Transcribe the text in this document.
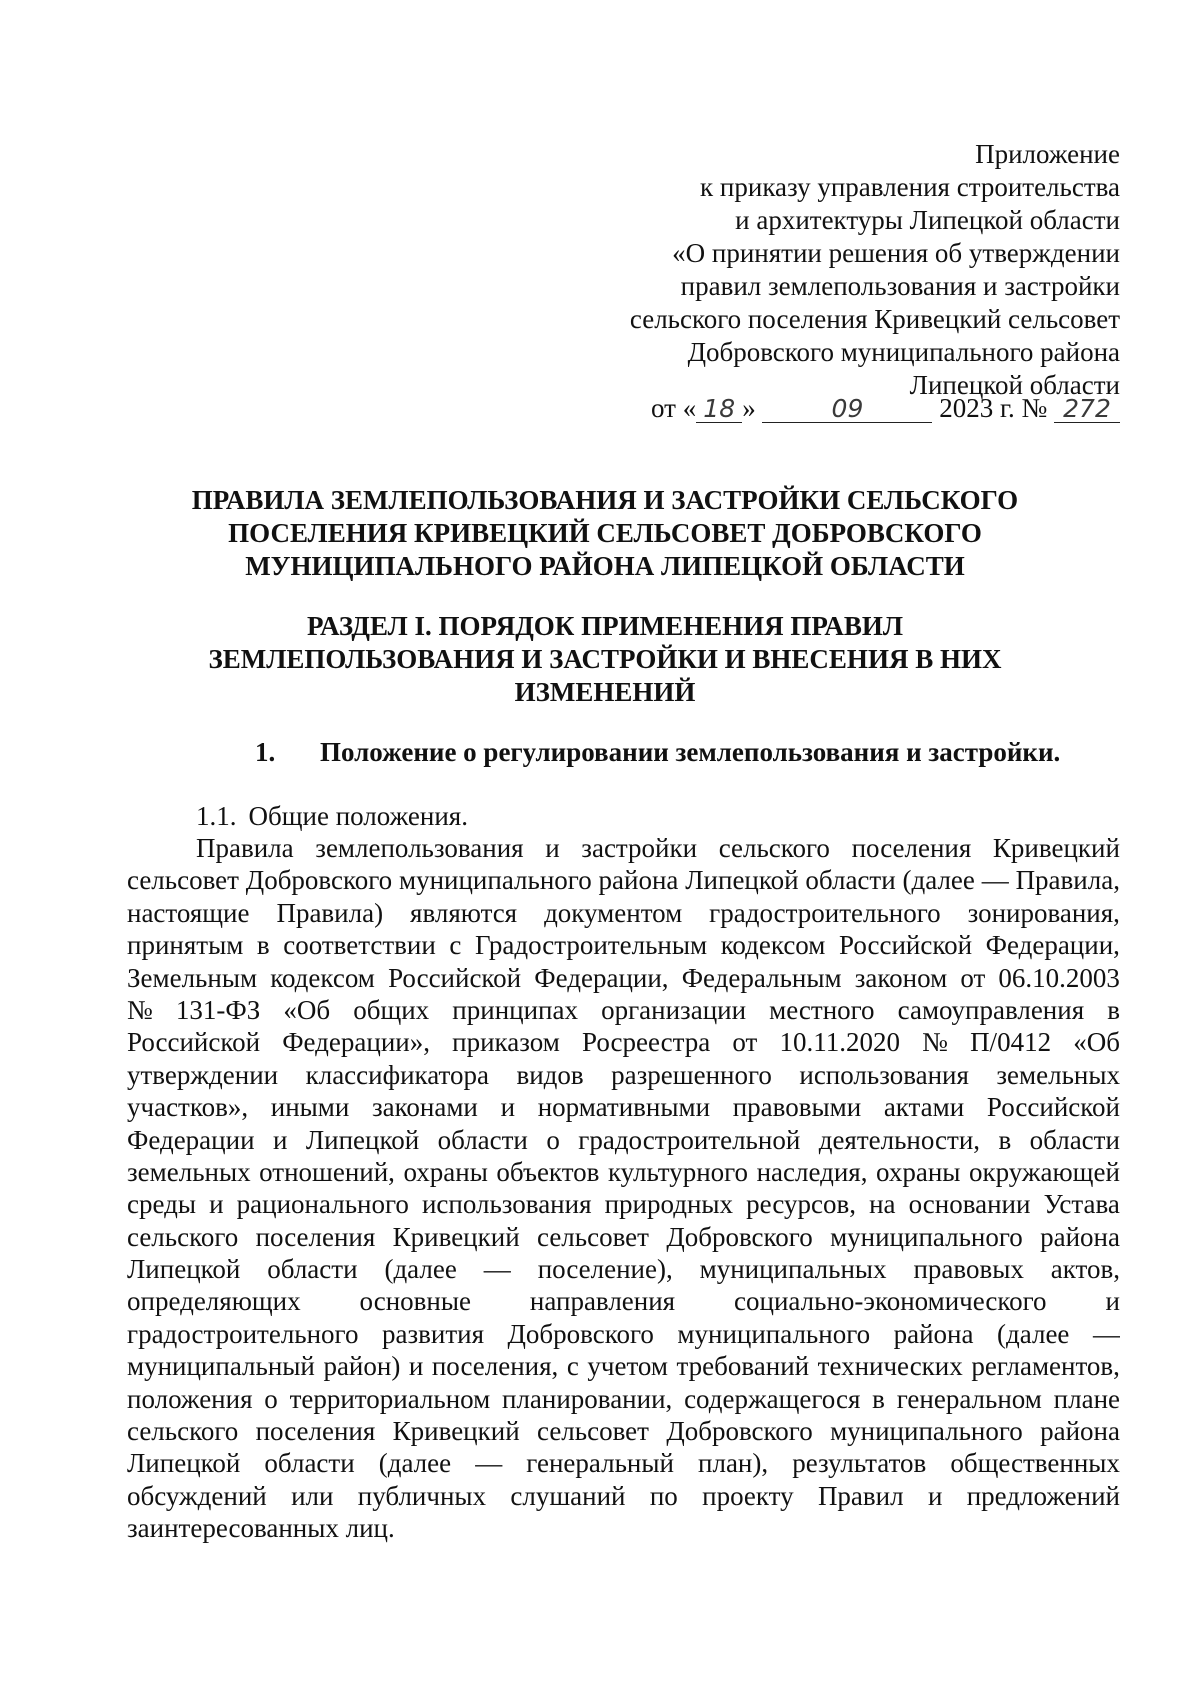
Приложение
к приказу управления строительства
и архитектуры Липецкой области
«О принятии решения об утверждении
правил землепользования и застройки
сельского поселения Кривецкий сельсовет
Добровского муниципального района
Липецкой области
от « 18 »	09	2023 г. № 272
ПРАВИЛА ЗЕМЛЕПОЛЬЗОВАНИЯ И ЗАСТРОЙКИ СЕЛЬСКОГО
ПОСЕЛЕНИЯ КРИВЕЦКИЙ СЕЛЬСОВЕТ ДОБРОВСКОГО
МУНИЦИПАЛЬНОГО РАЙОНА ЛИПЕЦКОЙ ОБЛАСТИ
РАЗДЕЛ I. ПОРЯДОК ПРИМЕНЕНИЯ ПРАВИЛ
ЗЕМЛЕПОЛЬЗОВАНИЯ И ЗАСТРОЙКИ И ВНЕСЕНИЯ В НИХ
ИЗМЕНЕНИЙ
1. Положение о регулировании землепользования и застройки.
1.1. Общие положения.
Правила землепользования и застройки сельского поселения Кривецкий
сельсовет Добровского муниципального района Липецкой области (далее — Правила,
настоящие Правила) являются документом градостроительного зонирования,
принятым в соответствии с Градостроительным кодексом Российской Федерации,
Земельным кодексом Российской Федерации, Федеральным законом от 06.10.2003
№ 131-ФЗ «Об общих принципах организации местного самоуправления в
Российской Федерации», приказом Росреестра от 10.11.2020 № П/0412 «Об
утверждении классификатора видов разрешенного использования земельных
участков», иными законами и нормативными правовыми актами Российской
Федерации и Липецкой области о градостроительной деятельности, в области
земельных отношений, охраны объектов культурного наследия, охраны окружающей
среды и рационального использования природных ресурсов, на основании Устава
сельского поселения Кривецкий сельсовет Добровского муниципального района
Липецкой области (далее — поселение), муниципальных правовых актов,
определяющих основные направления социально-экономического и
градостроительного развития Добровского муниципального района (далее —
муниципальный район) и поселения, с учетом требований технических регламентов,
положения о территориальном планировании, содержащегося в генеральном плане
сельского поселения Кривецкий сельсовет Добровского муниципального района
Липецкой области (далее — генеральный план), результатов общественных
обсуждений или публичных слушаний по проекту Правил и предложений
заинтересованных лиц.
